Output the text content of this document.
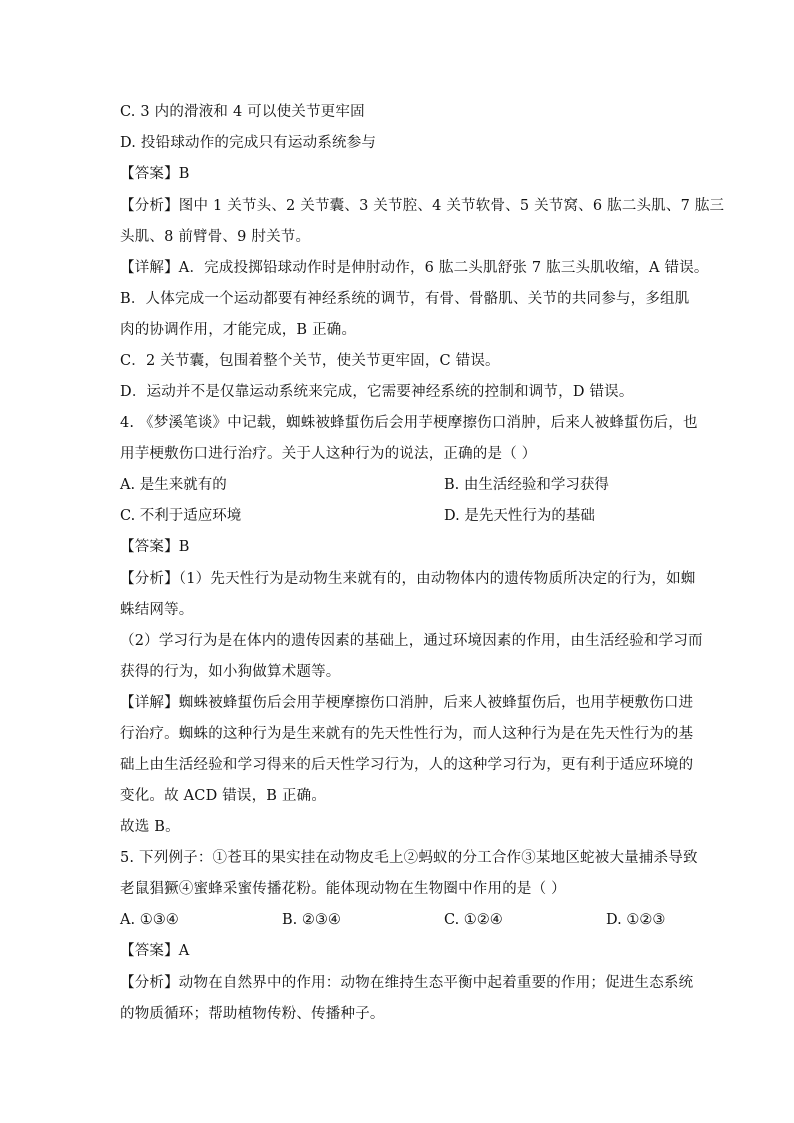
C. 3 内的滑液和 4 可以使关节更牢固
D. 投铅球动作的完成只有运动系统参与
【答案】B
【分析】图中 1 关节头、2 关节囊、3 关节腔、4 关节软骨、5 关节窝、6 肱二头肌、7 肱三
头肌、8 前臂骨、9 肘关节。
【详解】A．完成投掷铅球动作时是伸肘动作，6 肱二头肌舒张 7 肱三头肌收缩，A 错误。
B．人体完成一个运动都要有神经系统的调节，有骨、骨骼肌、关节的共同参与，多组肌
肉的协调作用，才能完成，B 正确。
C．2 关节囊，包围着整个关节，使关节更牢固，C 错误。
D．运动并不是仅靠运动系统来完成，它需要神经系统的控制和调节，D 错误。
4. 《梦溪笔谈》中记载，蜘蛛被蜂蜇伤后会用芋梗摩擦伤口消肿，后来人被蜂蜇伤后，也
用芋梗敷伤口进行治疗。关于人这种行为的说法，正确的是（ ）
A. 是生来就有的	B. 由生活经验和学习获得
C. 不利于适应环境	D. 是先天性行为的基础
【答案】B
【分析】（1）先天性行为是动物生来就有的，由动物体内的遗传物质所决定的行为，如蜘
蛛结网等。
（2）学习行为是在体内的遗传因素的基础上，通过环境因素的作用，由生活经验和学习而
获得的行为，如小狗做算术题等。
【详解】蜘蛛被蜂蜇伤后会用芋梗摩擦伤口消肿，后来人被蜂蜇伤后，也用芋梗敷伤口进
行治疗。蜘蛛的这种行为是生来就有的先天性性行为，而人这种行为是在先天性行为的基
础上由生活经验和学习得来的后天性学习行为，人的这种学习行为，更有利于适应环境的
变化。故 ACD 错误，B 正确。
故选 B。
5. 下列例子：①苍耳的果实挂在动物皮毛上②蚂蚁的分工合作③某地区蛇被大量捕杀导致
老鼠猖獗④蜜蜂采蜜传播花粉。能体现动物在生物圈中作用的是（ ）
A. ①③④	B. ②③④	C. ①②④	D. ①②③
【答案】A
【分析】动物在自然界中的作用：动物在维持生态平衡中起着重要的作用；促进生态系统
的物质循环；帮助植物传粉、传播种子。
